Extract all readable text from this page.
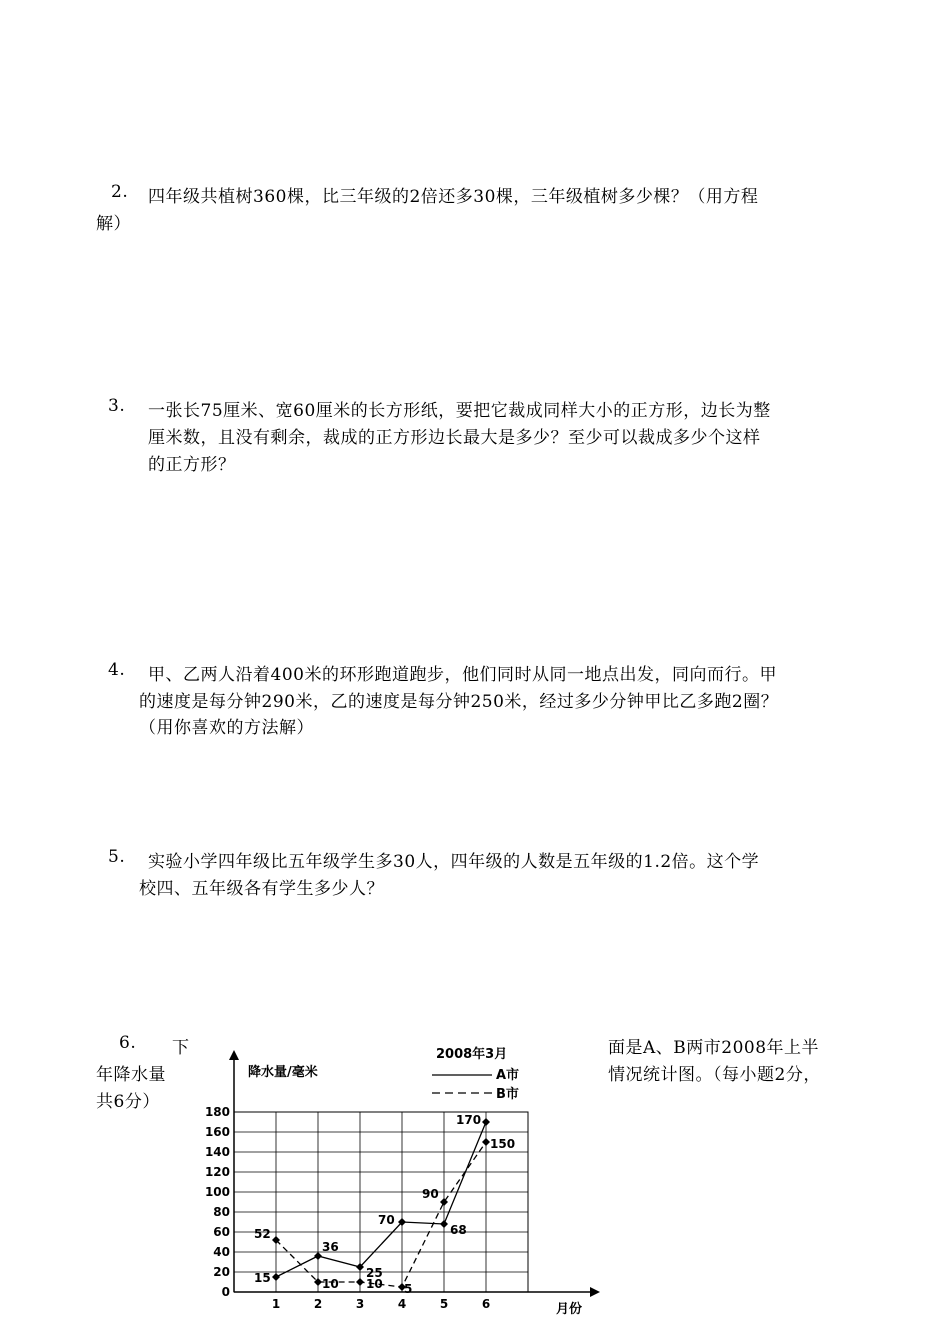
2. 四年级共植树360棵，比三年级的2倍还多30棵，三年级植树多少棵？（用方程
解）
3. 一张长75厘米、宽60厘米的长方形纸，要把它裁成同样大小的正方形，边长为整
厘米数，且没有剩余，裁成的正方形边长最大是多少？至少可以裁成多少个这样
的正方形？
4. 甲、乙两人沿着400米的环形跑道跑步，他们同时从同一地点出发，同向而行。甲
的速度是每分钟290米，乙的速度是每分钟250米，经过多少分钟甲比乙多跑2圈？
（用你喜欢的方法解）
5. 实验小学四年级比五年级学生多30人，四年级的人数是五年级的1.2倍。这个学
校四、五年级各有学生多少人？
6. 下
年降水量
共6分）
面是A、B两市2008年上半
情况统计图。（每小题2分，
降水量/毫米
2008年3月
A市
B市
月份
0
20
40
60
80
100
120
140
160
180
1	2	3	4	5	6
15
36
25
70
68
170
52
10 10 5
90
150
